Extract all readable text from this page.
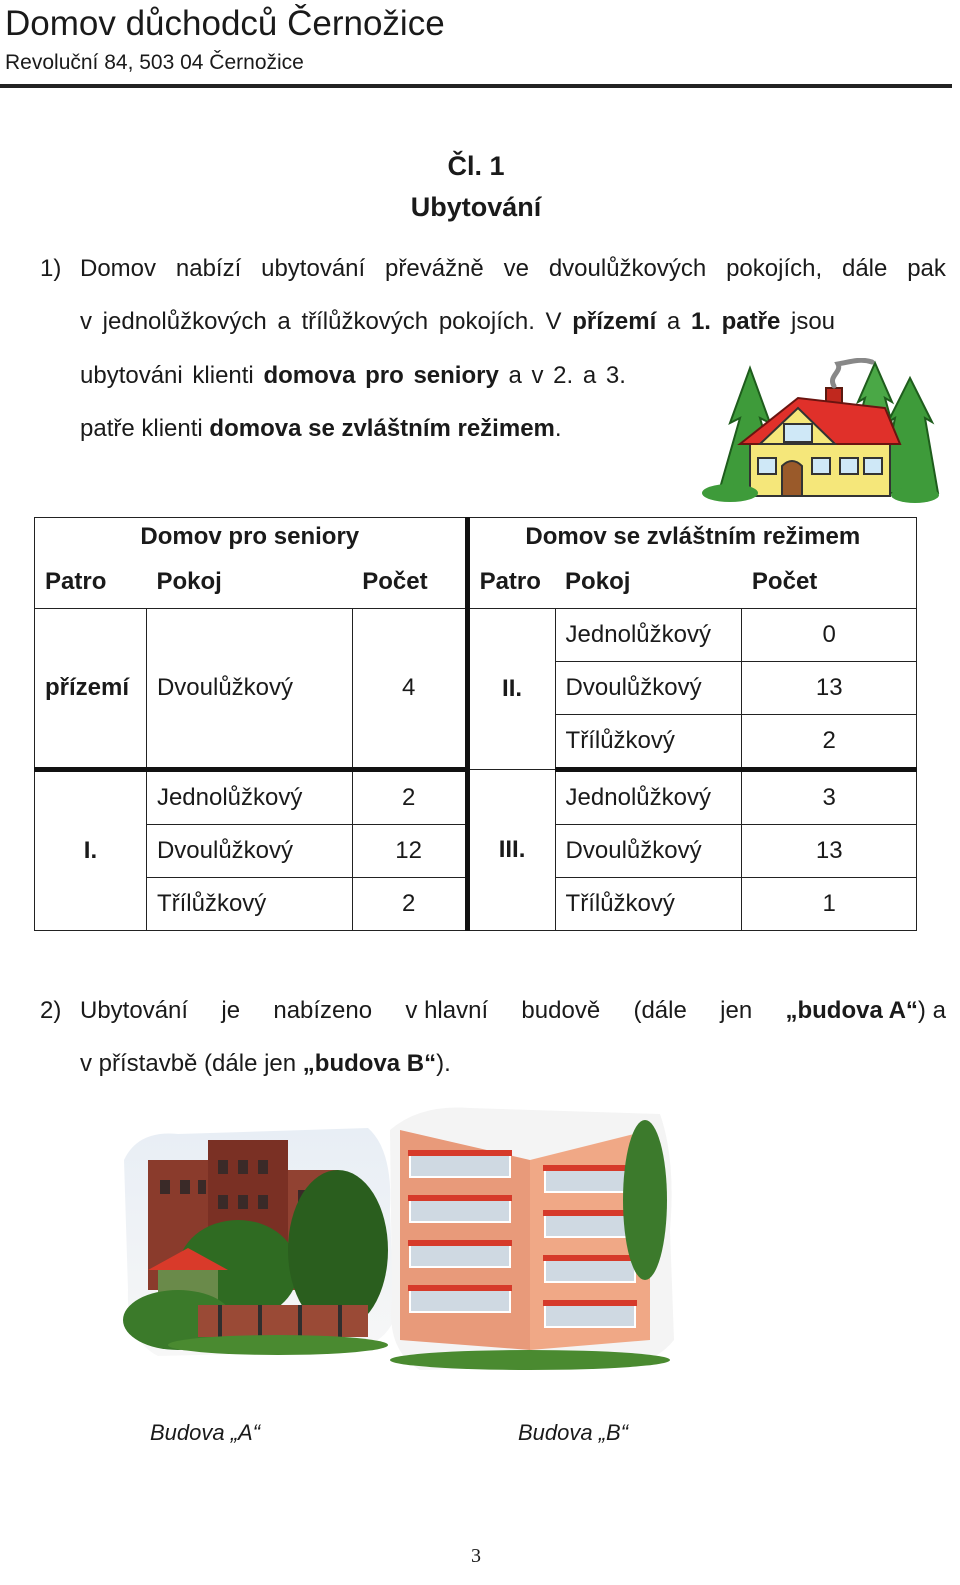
Domov důchodců Černožice
Revoluční 84, 503 04 Černožice
Čl. 1
Ubytování
1) Domov nabízí ubytování převážně ve dvoulůžkových pokojích, dále pak
v jednolůžkových a třílůžkových pokojích. V přízemí a 1. patře jsou
ubytováni klienti domova pro seniory a v 2. a 3.
patře klienti domova se zvláštním režimem.
Domov pro seniory			Domov se zvláštním režimem		
Patro	Pokoj	Počet	Patro	Pokoj	Počet
přízemí	Dvoulůžkový	4	II.	Jednolůžkový	0
				Dvoulůžkový	13
				Třílůžkový	2
I.	Jednolůžkový	2	III.	Jednolůžkový	3
	Dvoulůžkový	12		Dvoulůžkový	13
	Třílůžkový	2		Třílůžkový	1
2) Ubytování je nabízeno v hlavní budově (dále jen „budova A“) a
v přístavbě (dále jen „budova B“).
Budova „A“	Budova „B“
3
